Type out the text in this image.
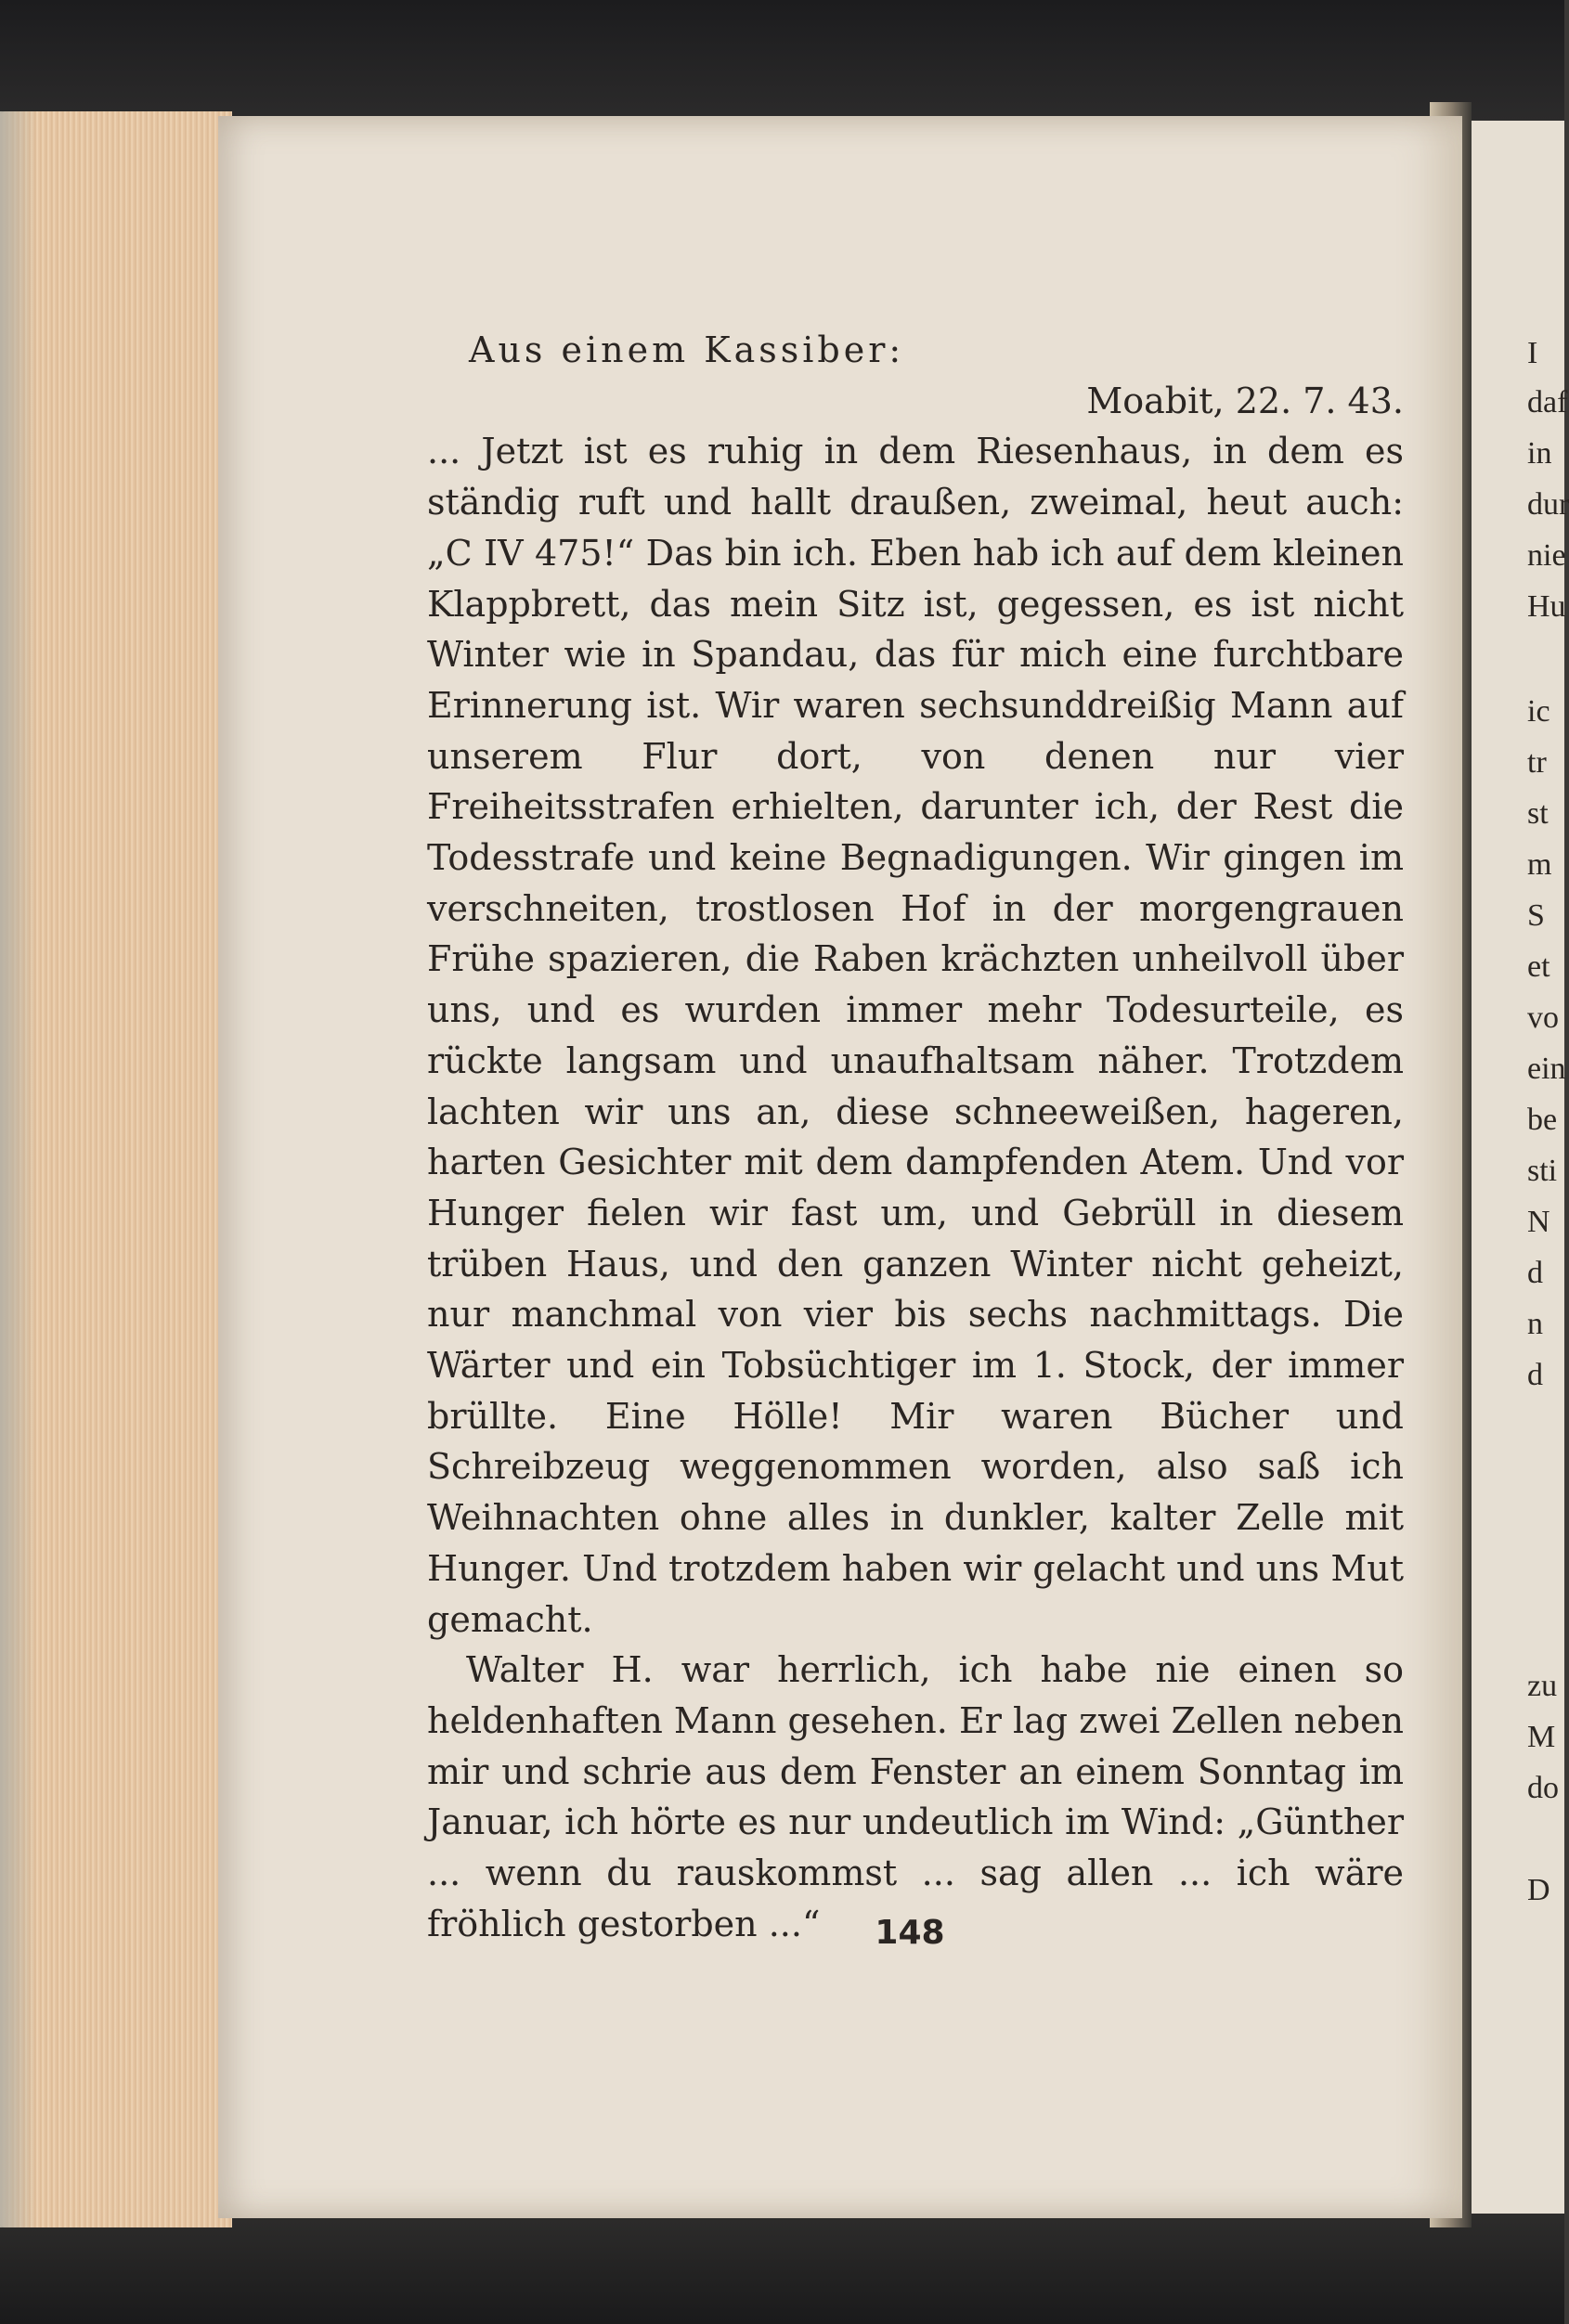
I
daf
in
dur
nie
Hu
ic
tr
st
m
S
et
vo
ein
be
sti
N
d
n
d
zu
M
do
D

Aus einem Kassiber:

Moabit, 22. 7. 43.

... Jetzt ist es ruhig in dem Riesenhaus, in dem es ständig ruft und hallt draußen, zweimal, heut auch: „C IV 475!“ Das bin ich. Eben hab ich auf dem kleinen Klappbrett, das mein Sitz ist, gegessen, es ist nicht Winter wie in Spandau, das für mich eine furchtbare Erinnerung ist. Wir waren sechsunddreißig Mann auf unserem Flur dort, von denen nur vier Freiheitsstrafen erhielten, darunter ich, der Rest die Todesstrafe und keine Begnadigungen. Wir gingen im verschneiten, trostlosen Hof in der morgengrauen Frühe spazieren, die Raben krächzten unheilvoll über uns, und es wurden immer mehr Todesurteile, es rückte langsam und unaufhaltsam näher. Trotzdem lachten wir uns an, diese schneeweißen, hageren, harten Gesichter mit dem dampfenden Atem. Und vor Hunger fielen wir fast um, und Gebrüll in diesem trüben Haus, und den ganzen Winter nicht geheizt, nur manchmal von vier bis sechs nachmittags. Die Wärter und ein Tobsüchtiger im 1. Stock, der immer brüllte. Eine Hölle! Mir waren Bücher und Schreibzeug weggenommen worden, also saß ich Weihnachten ohne alles in dunkler, kalter Zelle mit Hunger. Und trotzdem haben wir gelacht und uns Mut gemacht.

Walter H. war herrlich, ich habe nie einen so heldenhaften Mann gesehen. Er lag zwei Zellen neben mir und schrie aus dem Fenster an einem Sonntag im Januar, ich hörte es nur undeutlich im Wind: „Günther ... wenn du rauskommst ... sag allen ... ich wäre fröhlich gestorben ...“	148
